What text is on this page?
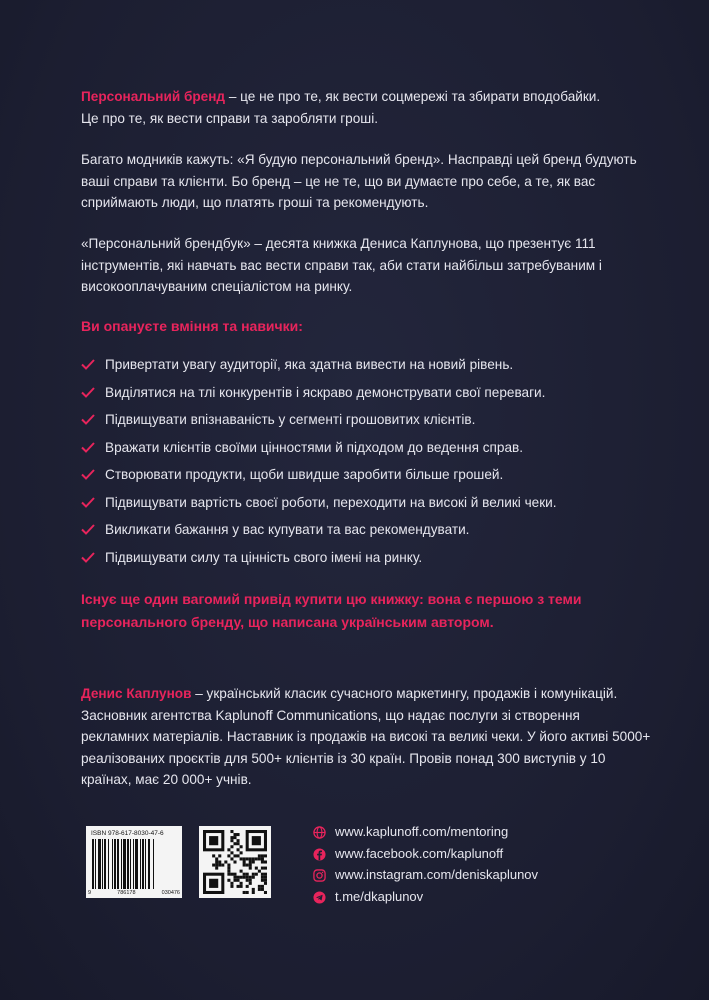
Персональний бренд – це не про те, як вести соцмережі та збирати вподобайки.
Це про те, як вести справи та заробляти гроші.
Багато модників кажуть: «Я будую персональний бренд». Насправді цей бренд будують ваші справи та клієнти. Бо бренд – це не те, що ви думаєте про себе, а те, як вас сприймають люди, що платять гроші та рекомендують.
«Персональний брендбук» – десята книжка Дениса Каплунова, що презентує 111 інструментів, які навчать вас вести справи так, аби стати найбільш затребуваним і високооплачуваним спеціалістом на ринку.
Ви опануєте вміння та навички:
Привертати увагу аудиторії, яка здатна вивести на новий рівень.
Виділятися на тлі конкурентів і яскраво демонструвати свої переваги.
Підвищувати впізнаваність у сегменті грошовитих клієнтів.
Вражати клієнтів своїми цінностями й підходом до ведення справ.
Створювати продукти, щоби швидше заробити більше грошей.
Підвищувати вартість своєї роботи, переходити на високі й великі чеки.
Викликати бажання у вас купувати та вас рекомендувати.
Підвищувати силу та цінність свого імені на ринку.
Існує ще один вагомий привід купити цю книжку: вона є першою з теми персонального бренду, що написана українським автором.
Денис Каплунов – український класик сучасного маркетингу, продажів і комунікацій. Засновник агентства Kaplunoff Communications, що надає послуги зі створення рекламних матеріалів. Наставник із продажів на високі та великі чеки. У його активі 5000+ реалізованих проєктів для 500+ клієнтів із 30 країн. Провів понад 300 виступів у 10 країнах, має 20 000+ учнів.
ISBN 978-617-8030-47-6
9	786178	030476
www.kaplunoff.com/mentoring
www.facebook.com/kaplunoff
www.instagram.com/deniskaplunov
t.me/dkaplunov
